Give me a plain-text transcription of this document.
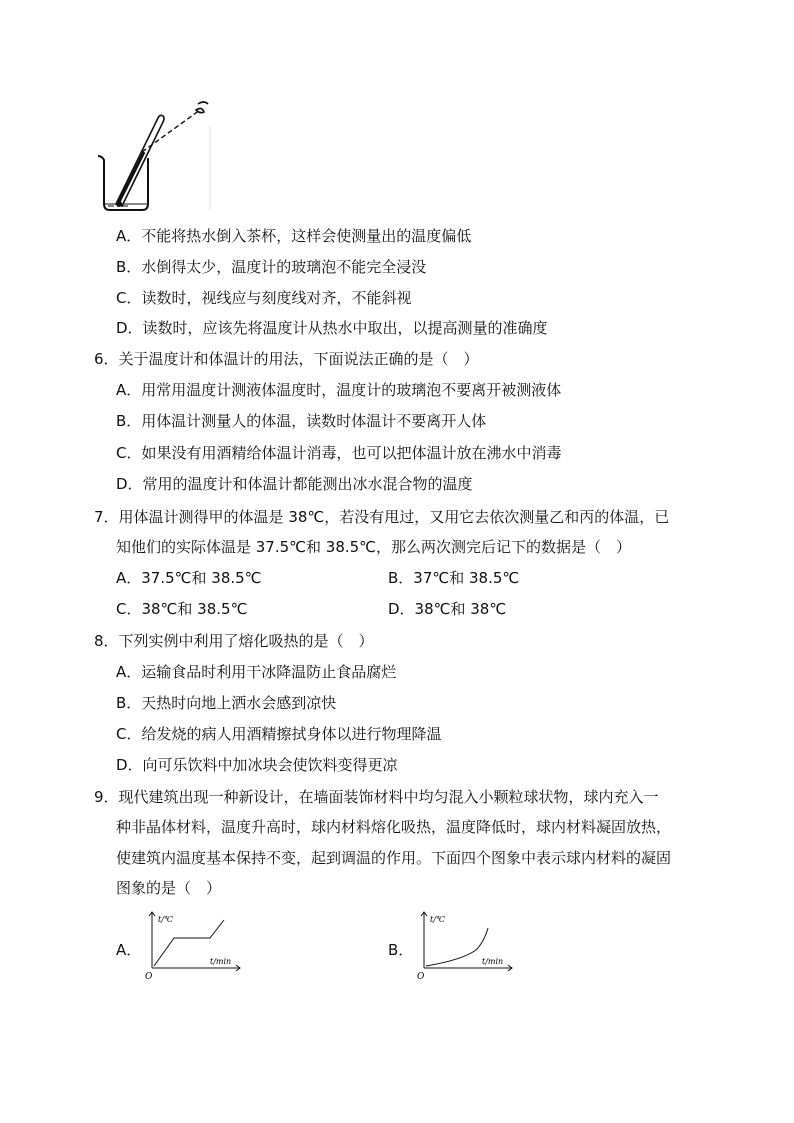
A．不能将热水倒入茶杯，这样会使测量出的温度偏低
B．水倒得太少，温度计的玻璃泡不能完全浸没
C．读数时，视线应与刻度线对齐，不能斜视
D．读数时，应该先将温度计从热水中取出，以提高测量的准确度
6．关于温度计和体温计的用法，下面说法正确的是（　）
A．用常用温度计测液体温度时，温度计的玻璃泡不要离开被测液体
B．用体温计测量人的体温，读数时体温计不要离开人体
C．如果没有用酒精给体温计消毒，也可以把体温计放在沸水中消毒
D．常用的温度计和体温计都能测出冰水混合物的温度
7．用体温计测得甲的体温是 38℃，若没有甩过，又用它去依次测量乙和丙的体温，已
知他们的实际体温是 37.5℃和 38.5℃，那么两次测完后记下的数据是（　）
A．37.5℃和 38.5℃	B．37℃和 38.5℃
C．38℃和 38.5℃	D．38℃和 38℃
8．下列实例中利用了熔化吸热的是（　）
A．运输食品时利用干冰降温防止食品腐烂
B．天热时向地上洒水会感到凉快
C．给发烧的病人用酒精擦拭身体以进行物理降温
D．向可乐饮料中加冰块会使饮料变得更凉
9．现代建筑出现一种新设计，在墙面装饰材料中均匀混入小颗粒球状物，球内充入一
种非晶体材料，温度升高时，球内材料熔化吸热，温度降低时，球内材料凝固放热，
使建筑内温度基本保持不变，起到调温的作用。下面四个图象中表示球内材料的凝固
图象的是（　）
A．
t/℃
t/min
O
B．
t/℃
t/min
O
